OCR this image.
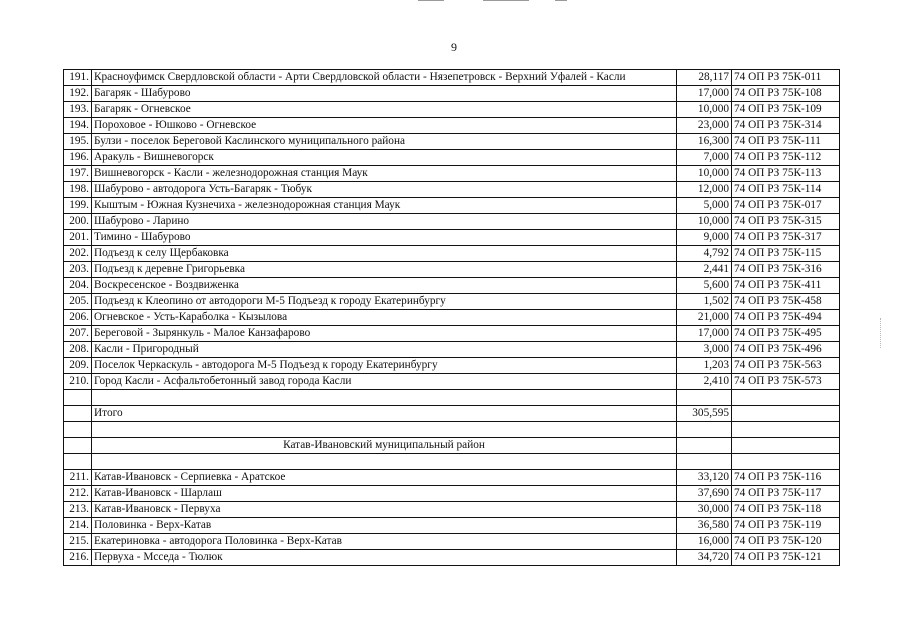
9
191.	Красноуфимск Свердловской области - Арти Свердловской области - Нязепетровск - Верхний Уфалей - Касли	28,117	74 ОП РЗ 75К-011
192.	Багаряк - Шабурово	17,000	74 ОП РЗ 75К-108
193.	Багаряк - Огневское	10,000	74 ОП РЗ 75К-109
194.	Пороховое - Юшково - Огневское	23,000	74 ОП РЗ 75К-314
195.	Булзи - поселок Береговой Каслинского муниципального района	16,300	74 ОП РЗ 75К-111
196.	Аракуль - Вишневогорск	7,000	74 ОП РЗ 75К-112
197.	Вишневогорск - Касли - железнодорожная станция Маук	10,000	74 ОП РЗ 75К-113
198.	Шабурово - автодорога Усть-Багаряк - Тюбук	12,000	74 ОП РЗ 75К-114
199.	Кыштым - Южная Кузнечиха - железнодорожная станция Маук	5,000	74 ОП РЗ 75К-017
200.	Шабурово - Ларино	10,000	74 ОП РЗ 75К-315
201.	Тимино - Шабурово	9,000	74 ОП РЗ 75К-317
202.	Подъезд к селу Щербаковка	4,792	74 ОП РЗ 75К-115
203.	Подъезд к деревне Григорьевка	2,441	74 ОП РЗ 75К-316
204.	Воскресенское - Воздвиженка	5,600	74 ОП РЗ 75К-411
205.	Подъезд к Клеопино от автодороги М-5 Подъезд к городу Екатеринбургу	1,502	74 ОП РЗ 75К-458
206.	Огневское - Усть-Караболка - Кызылова	21,000	74 ОП РЗ 75К-494
207.	Береговой - Зырянкуль - Малое Канзафарово	17,000	74 ОП РЗ 75К-495
208.	Касли - Пригородный	3,000	74 ОП РЗ 75К-496
209.	Поселок Черкаскуль - автодорога М-5 Подъезд к городу Екатеринбургу	1,203	74 ОП РЗ 75К-563
210.	Город Касли - Асфальтобетонный завод города Касли	2,410	74 ОП РЗ 75К-573

	Итого	305,595	

	Катав-Ивановский муниципальный район		

211.	Катав-Ивановск - Серпиевка - Аратское	33,120	74 ОП РЗ 75К-116
212.	Катав-Ивановск - Шарлаш	37,690	74 ОП РЗ 75К-117
213.	Катав-Ивановск - Первуха	30,000	74 ОП РЗ 75К-118
214.	Половинка - Верх-Катав	36,580	74 ОП РЗ 75К-119
215.	Екатериновка - автодорога Половинка - Верх-Катав	16,000	74 ОП РЗ 75К-120
216.	Первуха - Мсседа - Тюлюк	34,720	74 ОП РЗ 75К-121
